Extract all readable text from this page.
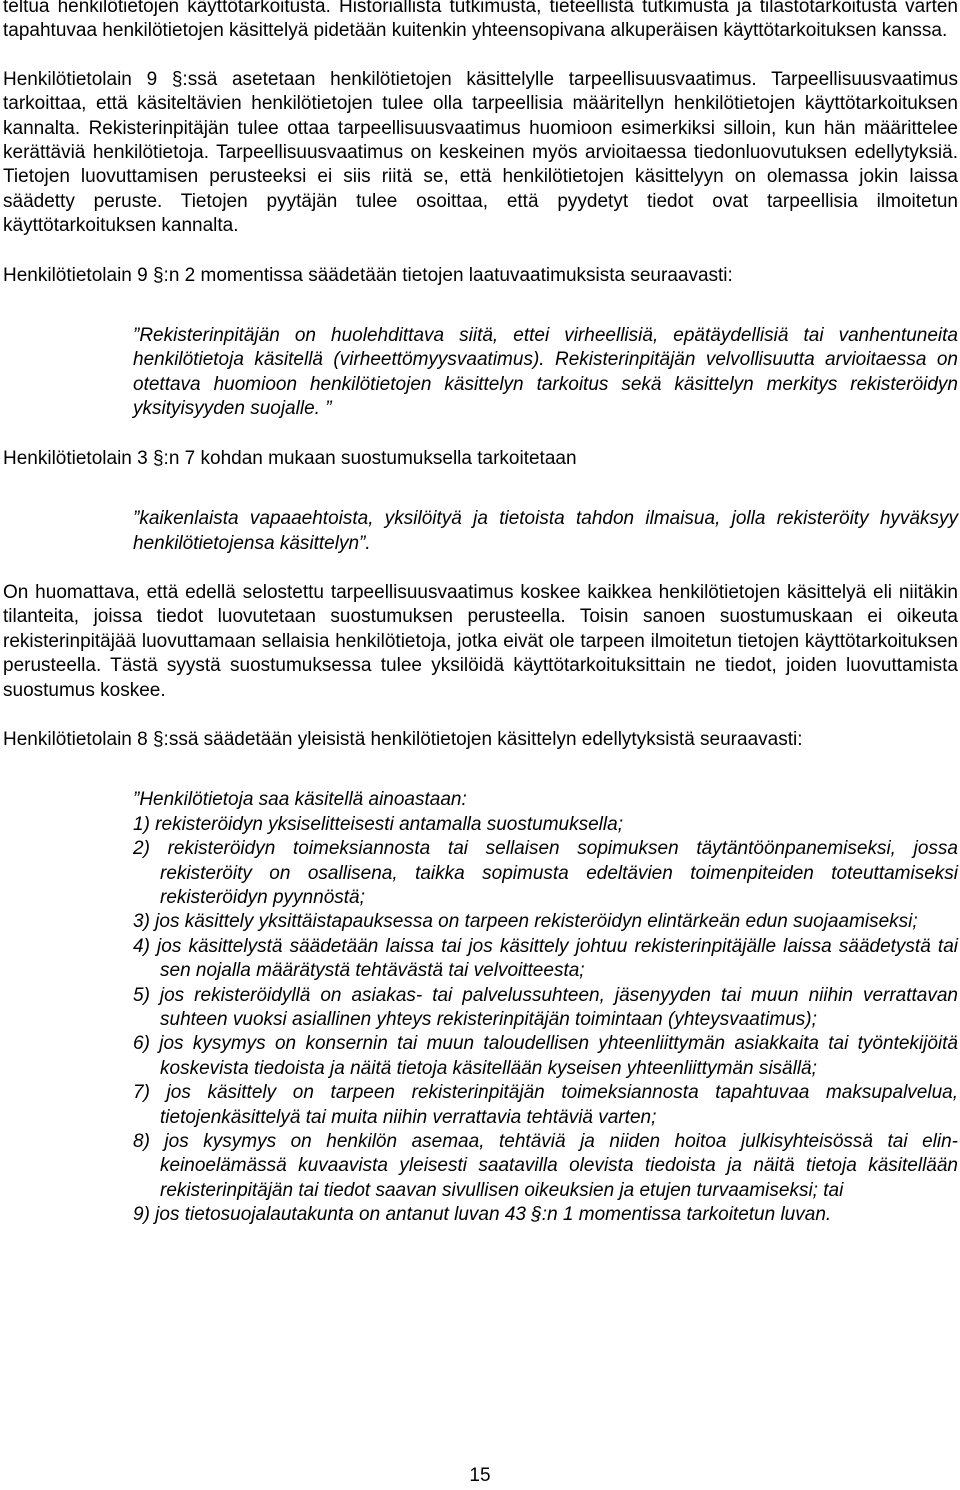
teltua henkilötietojen käyttötarkoitusta. Historiallista tutkimusta, tieteellistä tutkimusta ja tilastotarkoitusta varten tapahtuvaa henkilötietojen käsittelyä pidetään kuitenkin yhteensopivana alkuperäisen käyttötarkoituksen kanssa.

Henkilötietolain 9 §:ssä asetetaan henkilötietojen käsittelylle tarpeellisuusvaatimus. Tarpeellisuusvaatimus tarkoittaa, että käsiteltävien henkilötietojen tulee olla tarpeellisia määritellyn henkilötietojen käyttötarkoituksen kannalta. Rekisterinpitäjän tulee ottaa tarpeellisuusvaatimus huomioon esimerkiksi silloin, kun hän määrittelee kerättäviä henkilötietoja. Tarpeellisuusvaatimus on keskeinen myös arvioitaessa tiedonluovutuksen edellytyksiä. Tietojen luovuttamisen perusteeksi ei siis riitä se, että henkilötietojen käsittelyyn on olemassa jokin laissa säädetty peruste. Tietojen pyytäjän tulee osoittaa, että pyydetyt tiedot ovat tarpeellisia ilmoitetun käyttötarkoituksen kannalta.

Henkilötietolain 9 §:n 2 momentissa säädetään tietojen laatuvaatimuksista seuraavasti:

”Rekisterinpitäjän on huolehdittava siitä, ettei virheellisiä, epätäydellisiä tai vanhentuneita henkilötietoja käsitellä (virheettömyysvaatimus). Rekisterinpitäjän velvollisuutta arvioitaessa on otettava huomioon henkilötietojen käsittelyn tarkoitus sekä käsittelyn merkitys rekisteröidyn yksityisyyden suojalle. ”

Henkilötietolain 3 §:n 7 kohdan mukaan suostumuksella tarkoitetaan

”kaikenlaista vapaaehtoista, yksilöityä ja tietoista tahdon ilmaisua, jolla rekisteröity hyväksyy henkilötietojensa käsittelyn”.

On huomattava, että edellä selostettu tarpeellisuusvaatimus koskee kaikkea henkilötietojen käsittelyä eli niitäkin tilanteita, joissa tiedot luovutetaan suostumuksen perusteella. Toisin sanoen suostumuskaan ei oikeuta rekisterinpitäjää luovuttamaan sellaisia henkilötietoja, jotka eivät ole tarpeen ilmoitetun tietojen käyttötarkoituksen perusteella. Tästä syystä suostumuksessa tulee yksilöidä käyttötarkoituksittain ne tiedot, joiden luovuttamista suostumus koskee.

Henkilötietolain 8 §:ssä säädetään yleisistä henkilötietojen käsittelyn edellytyksistä seuraavasti:

”Henkilötietoja saa käsitellä ainoastaan:

1) rekisteröidyn yksiselitteisesti antamalla suostumuksella;
2) rekisteröidyn toimeksiannosta tai sellaisen sopimuksen täytäntöönpanemiseksi, jossa rekisteröity on osallisena, taikka sopimusta edeltävien toimenpiteiden toteuttamiseksi rekisteröidyn pyynnöstä;
3) jos käsittely yksittäistapauksessa on tarpeen rekisteröidyn elintärkeän edun suojaamiseksi;
4) jos käsittelystä säädetään laissa tai jos käsittely johtuu rekisterinpitäjälle laissa säädetystä tai sen nojalla määrätystä tehtävästä tai velvoitteesta;
5) jos rekisteröidyllä on asiakas- tai palvelussuhteen, jäsenyyden tai muun niihin verrattavan suhteen vuoksi asiallinen yhteys rekisterinpitäjän toimintaan (yhteysvaatimus);
6) jos kysymys on konsernin tai muun taloudellisen yhteenliittymän asiakkaita tai työntekijöitä koskevista tiedoista ja näitä tietoja käsitellään kyseisen yhteenliittymän sisällä;
7) jos käsittely on tarpeen rekisterinpitäjän toimeksiannosta tapahtuvaa maksupalvelua, tietojenkäsittelyä tai muita niihin verrattavia tehtäviä varten;
8) jos kysymys on henkilön asemaa, tehtäviä ja niiden hoitoa julkisyhteisössä tai elinkeinoelämässä kuvaavista yleisesti saatavilla olevista tiedoista ja näitä tietoja käsitellään rekisterinpitäjän tai tiedot saavan sivullisen oikeuksien ja etujen turvaamiseksi; tai
9) jos tietosuojalautakunta on antanut luvan 43 §:n 1 momentissa tarkoitetun luvan.
15
